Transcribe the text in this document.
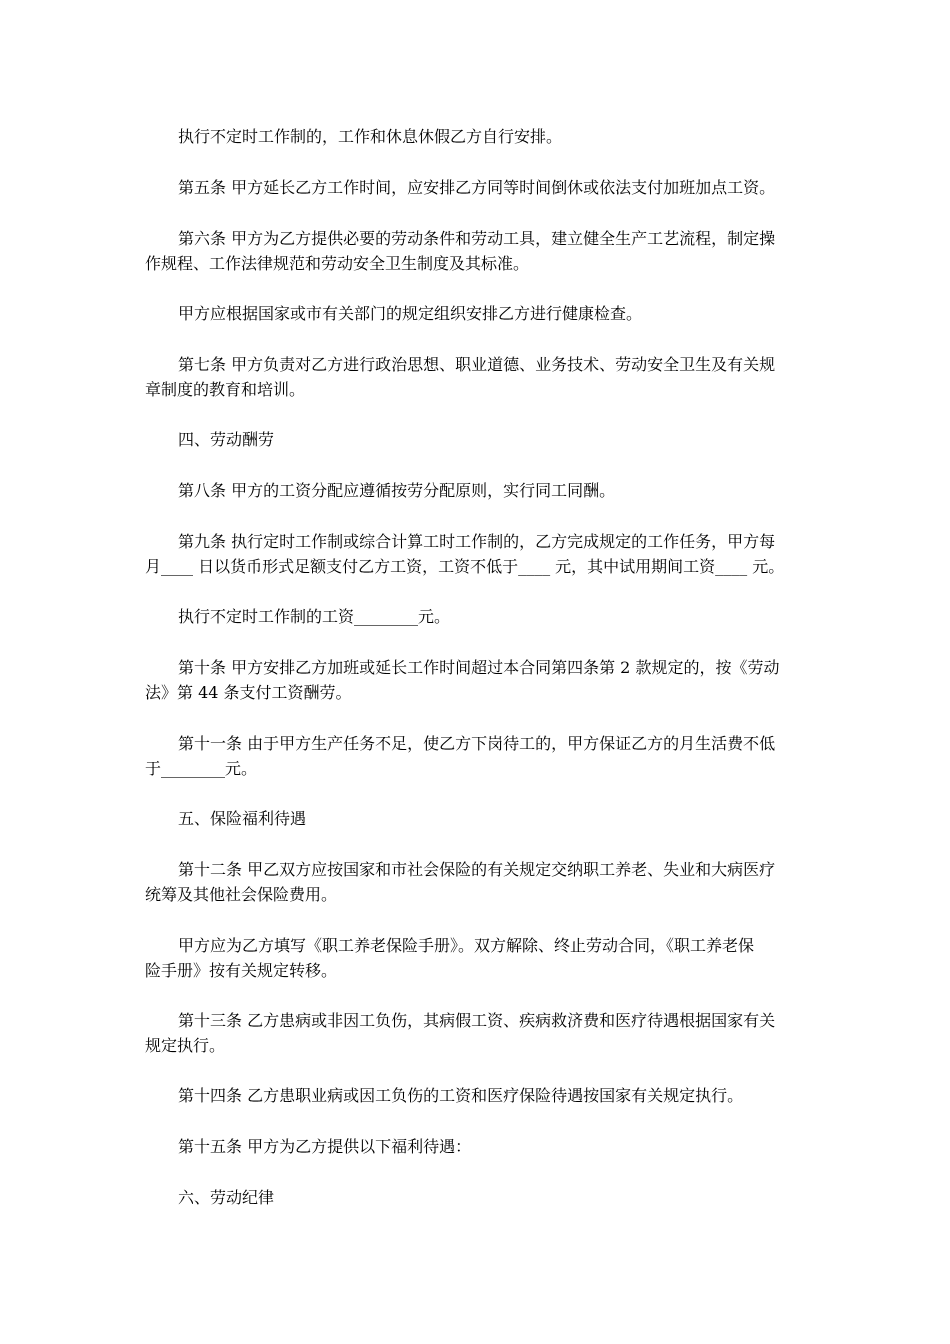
执行不定时工作制的，工作和休息休假乙方自行安排。
第五条 甲方延长乙方工作时间，应安排乙方同等时间倒休或依法支付加班加点工资。
第六条 甲方为乙方提供必要的劳动条件和劳动工具，建立健全生产工艺流程，制定操
作规程、工作法律规范和劳动安全卫生制度及其标准。
甲方应根据国家或市有关部门的规定组织安排乙方进行健康检查。
第七条 甲方负责对乙方进行政治思想、职业道德、业务技术、劳动安全卫生及有关规
章制度的教育和培训。
四、劳动酬劳
第八条 甲方的工资分配应遵循按劳分配原则，实行同工同酬。
第九条 执行定时工作制或综合计算工时工作制的，乙方完成规定的工作任务，甲方每
月____ 日以货币形式足额支付乙方工资，工资不低于____ 元，其中试用期间工资____ 元。
执行不定时工作制的工资________元。
第十条 甲方安排乙方加班或延长工作时间超过本合同第四条第 2 款规定的，按《劳动
法》第 44 条支付工资酬劳。
第十一条 由于甲方生产任务不足，使乙方下岗待工的，甲方保证乙方的月生活费不低
于________元。
五、保险福利待遇
第十二条 甲乙双方应按国家和市社会保险的有关规定交纳职工养老、失业和大病医疗
统筹及其他社会保险费用。
甲方应为乙方填写《职工养老保险手册》。双方解除、终止劳动合同，《职工养老保
险手册》按有关规定转移。
第十三条 乙方患病或非因工负伤，其病假工资、疾病救济费和医疗待遇根据国家有关
规定执行。
第十四条 乙方患职业病或因工负伤的工资和医疗保险待遇按国家有关规定执行。
第十五条 甲方为乙方提供以下福利待遇：
六、劳动纪律
